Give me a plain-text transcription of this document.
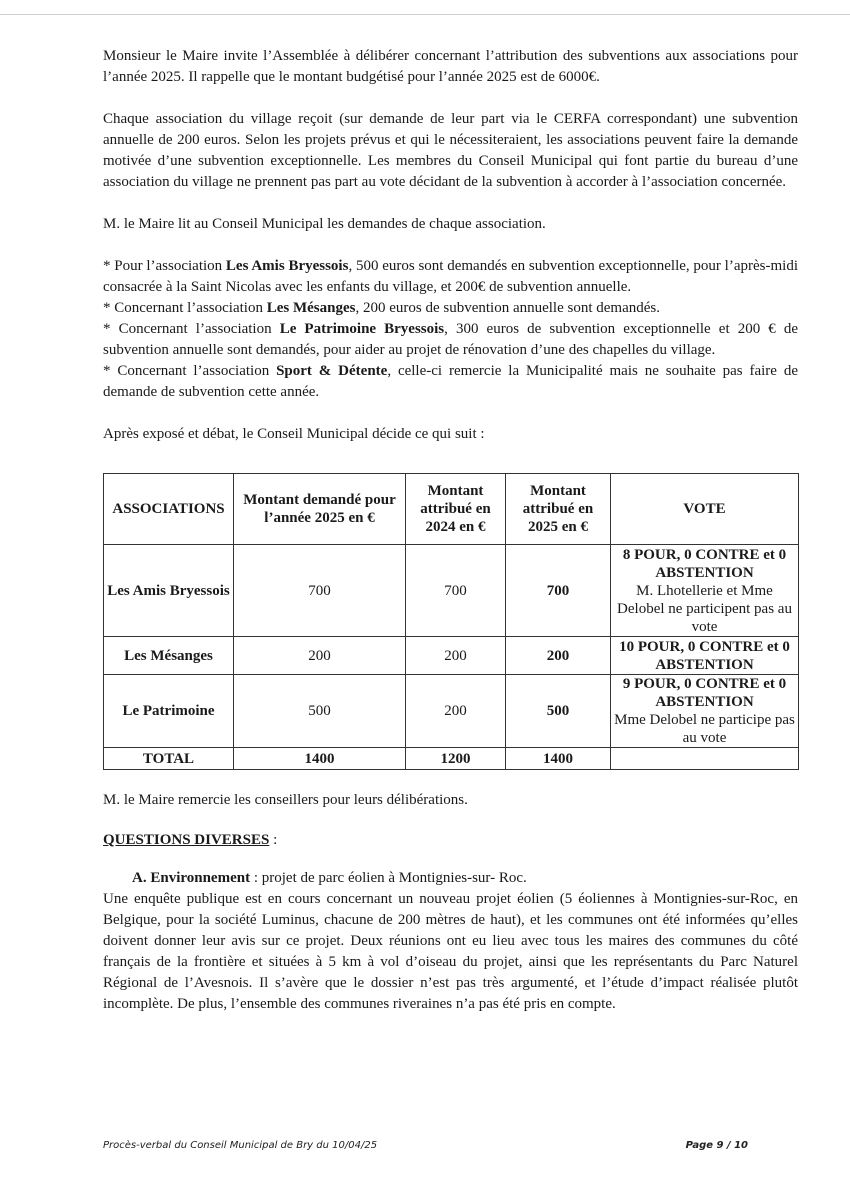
Monsieur le Maire invite l’Assemblée à délibérer concernant l’attribution des subventions aux associations pour l’année 2025. Il rappelle que le montant budgétisé pour l’année 2025 est de 6000€.

Chaque association du village reçoit (sur demande de leur part via le CERFA correspondant) une subvention annuelle de 200 euros. Selon les projets prévus et qui le nécessiteraient, les associations peuvent faire la demande motivée d’une subvention exceptionnelle. Les membres du Conseil Municipal qui font partie du bureau d’une association du village ne prennent pas part au vote décidant de la subvention à accorder à l’association concernée.

M. le Maire lit au Conseil Municipal les demandes de chaque association.

* Pour l’association Les Amis Bryessois, 500 euros sont demandés en subvention exceptionnelle, pour l’après-midi consacrée à la Saint Nicolas avec les enfants du village, et 200€ de subvention annuelle.

* Concernant l’association Les Mésanges, 200 euros de subvention annuelle sont demandés.

* Concernant l’association Le Patrimoine Bryessois, 300 euros de subvention exceptionnelle et 200 € de subvention annuelle sont demandés, pour aider au projet de rénovation d’une des chapelles du village.

* Concernant l’association Sport & Détente, celle-ci remercie la Municipalité mais ne souhaite pas faire de demande de subvention cette année.

Après exposé et débat, le Conseil Municipal décide ce qui suit :

ASSOCIATIONS	Montant demandé pour l’année 2025 en €	Montant attribué en 2024 en €	Montant attribué en 2025 en €	VOTE
Les Amis Bryessois	700	700	700	8 POUR, 0 CONTRE et 0 ABSTENTION
M. Lhotellerie et Mme Delobel ne participent pas au vote

Les Mésanges	200	200	200	10 POUR, 0 CONTRE et 0 ABSTENTION

Le Patrimoine	500	200	500	9 POUR, 0 CONTRE et 0 ABSTENTION
Mme Delobel ne participe pas au vote

TOTAL	1400	1200	1400	

M. le Maire remercie les conseillers pour leurs délibérations.

QUESTIONS DIVERSES :

A. Environnement : projet de parc éolien à Montignies-sur- Roc.

Une enquête publique est en cours concernant un nouveau projet éolien (5 éoliennes à Montignies-sur-Roc, en Belgique, pour la société Luminus, chacune de 200 mètres de haut), et les communes ont été informées qu’elles doivent donner leur avis sur ce projet. Deux réunions ont eu lieu avec tous les maires des communes du côté français de la frontière et situées à 5 km à vol d’oiseau du projet, ainsi que les représentants du Parc Naturel Régional de l’Avesnois. Il s’avère que le dossier n’est pas très argumenté, et l’étude d’impact réalisée plutôt incomplète. De plus, l’ensemble des communes riveraines n’a pas été pris en compte.

Procès-verbal du Conseil Municipal de Bry du 10/04/25	Page 9 / 10
